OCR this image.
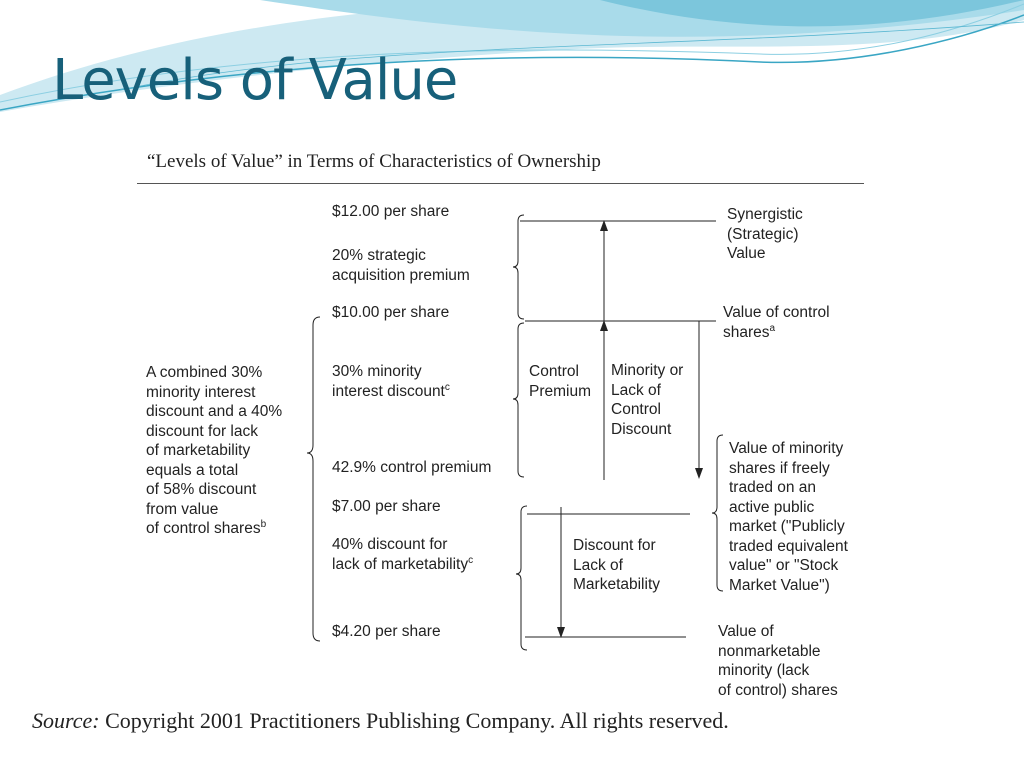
Levels of Value
“Levels of Value” in Terms of Characteristics of Ownership
$12.00 per share
20% strategic
acquisition premium
$10.00 per share
30% minority
interest discount$^c$
42.9% control premium
$7.00 per share
40% discount for
lack of marketability$^c$
$4.20 per share
A combined 30%
minority interest
discount and a 40%
discount for lack
of marketability
equals a total
of 58% discount
from value
of control shares$^b$
Control
Premium
Minority or
Lack of
Control
Discount
Discount for
Lack of
Marketability
Synergistic
(Strategic)
Value
Value of control
shares$^a$
Value of minority
shares if freely
traded on an
active public
market ("Publicly
traded equivalent
value" or "Stock
Market Value")
Value of
nonmarketable
minority (lack
of control) shares
Source: Copyright 2001 Practitioners Publishing Company. All rights reserved.
